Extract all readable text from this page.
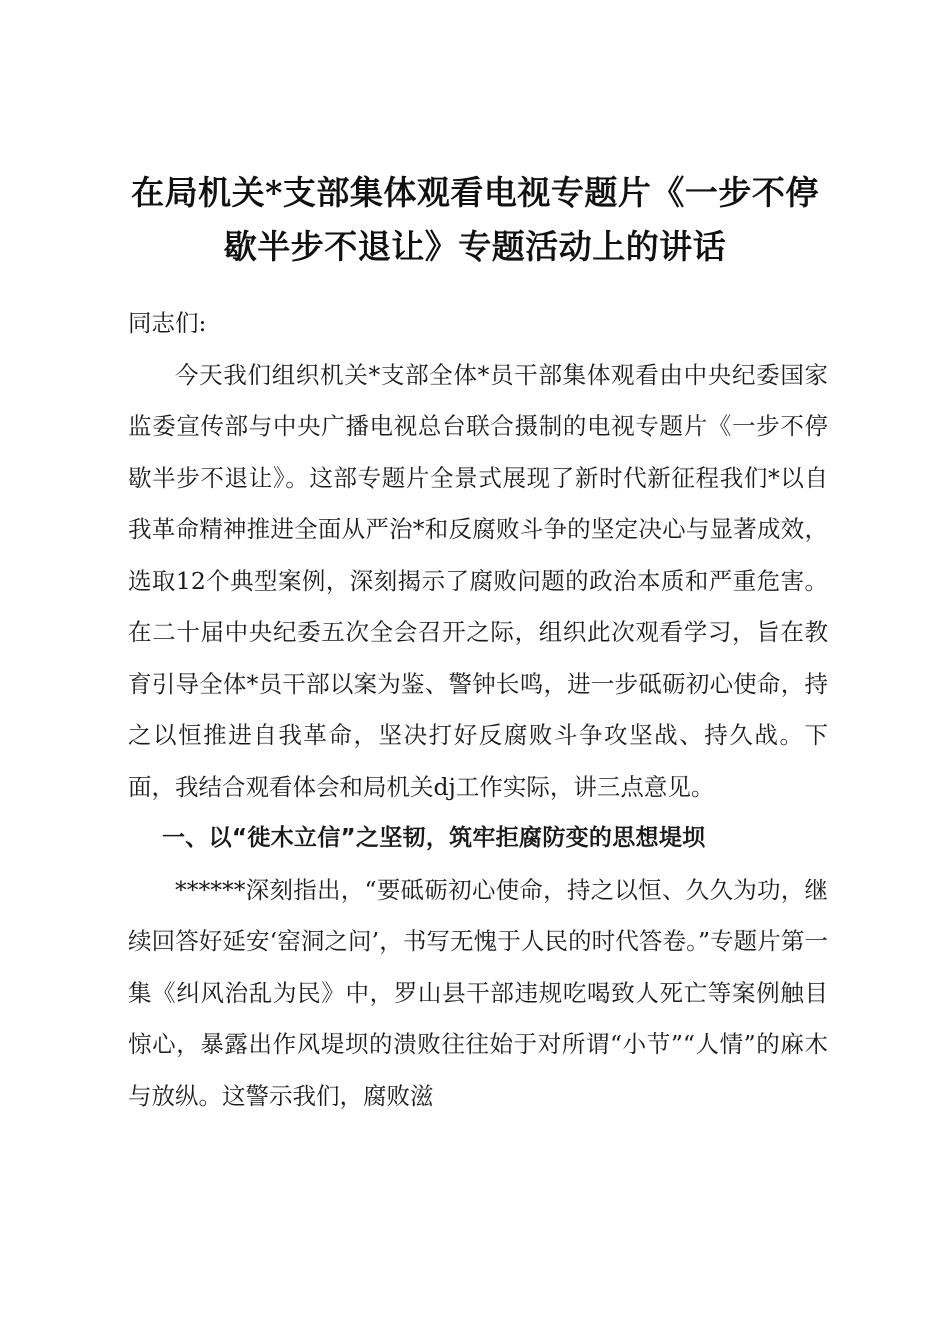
在局机关*支部集体观看电视专题片《一步不停歇半步不退让》专题活动上的讲话

同志们:

今天我们组织机关*支部全体*员干部集体观看由中央纪委国家监委宣传部与中央广播电视总台联合摄制的电视专题片《一步不停歇半步不退让》。这部专题片全景式展现了新时代新征程我们*以自我革命精神推进全面从严治*和反腐败斗争的坚定决心与显著成效，选取12个典型案例，深刻揭示了腐败问题的政治本质和严重危害。在二十届中央纪委五次全会召开之际，组织此次观看学习，旨在教育引导全体*员干部以案为鉴、警钟长鸣，进一步砥砺初心使命，持之以恒推进自我革命，坚决打好反腐败斗争攻坚战、持久战。下面，我结合观看体会和局机关dj工作实际，讲三点意见。

一、以“徙木立信”之坚韧，筑牢拒腐防变的思想堤坝

******深刻指出，“要砥砺初心使命，持之以恒、久久为功，继续回答好延安‘窑洞之问’，书写无愧于人民的时代答卷。”专题片第一集《纠风治乱为民》中，罗山县干部违规吃喝致人死亡等案例触目惊心，暴露出作风堤坝的溃败往往始于对所谓“小节”“人情”的麻木与放纵。这警示我们，腐败滋
